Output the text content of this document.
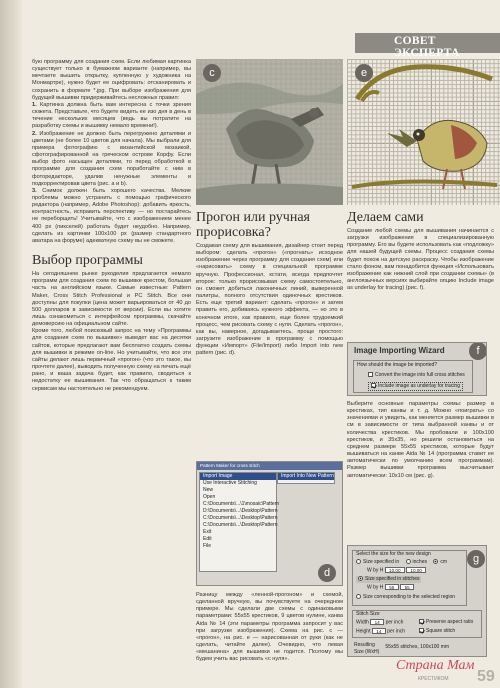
СОВЕТ ЭКСПЕРТА

бую программу для создания схем. Если любимая картинка существует только в бумажном варианте (например, вы мечтаете вышить открытку, купленную у художника на Монмартре), нужно будет ее оцифровать: отсканировать и сохранить в формате *.jpg. При выборе изображения для будущей вышивки придерживайтесь несложных правил:

1. Картинка должна быть вам интересна с точки зрения сюжета. Представьте, что будете видеть ее изо дня в день в течение нескольких месяцев (ведь вы потратите на разработку схемы и вышивку немало времени!).

2. Изображение не должно быть перегружено деталями и цветами (не более 10 цветов для начала). Мы выбрали для примера фотографию с византийской мозаикой, сфотографированной на греческом острове Корфу. Если выбор фото насыщен деталями, то перед обработкой в программе для создания схем поработайте с ним в фоторедакторе, удалив ненужные элементы и подкорректировав цвета (рис. а и b).

3. Снимок должен быть хорошего качества. Мелкие проблемы можно устранить с помощью графического редактора (например, Adobe Photoshop): добавить яркость, контрастность, исправить перспективу — но постарайтесь не переборщить! Учитывайте, что с изображением менее 400 px (пикселей) работать будет неудобно. Например, сделать из картинки 100x100 px (размер стандартного аватара на форуме) адекватную схему вы не сможете.

Выбор программы

На сегодняшнем рынке рукоделия предлагается немало программ для создания схем по вышивке крестом, большая часть на английском языке. Самые известные: Pattern Maker, Cross Stitch Professional и PC Stitch. Все они доступны для покупки (цена может варьироваться от 40 до 500 долларов в зависимости от версии). Если вы хотите лишь ознакомиться с интерфейсом программы, скачайте демоверсию на официальном сайте.

Кроме того, любой поисковый запрос на тему «Программы для создания схем по вышивке» выведет вас на десятки сайтов, которые предлагают вам бесплатно создать схемы для вышивки в режиме on-line. Но учитывайте, что все эти сайты делают лишь первичный «прогон» (что это такое, вы прочтете далее), выводить полученную схему на печать ещё рано, и ваша задача будет, как правило, сводиться к недостатку ее вышивания. Так что обращаться к таким сервисам мы настоятельно не рекомендуем.

c	e
Прогон или ручная прорисовка?

Создавая схему для вышивания, дизайнер стоит перед выбором: сделать «прогон» («прогнать» исходное изображение через программу для создания схем) или «нарисовать» схему в специальной программе вручную. Профессионал, кстати, всегда предпочтет второе: только прорисовывая схему самостоятельно, он сможет добиться лаконичных линий, выверенной палитры, полного отсутствия одиночных крестиков. Есть еще третий вариант: сделать «прогон» и затем править его, добиваясь нужного эффекта, — но это в конечном итоге, как правило, еще более трудоемкий процесс, чем рисовать схему с нуля. Сделать «прогон», как вы, наверное, догадываетесь, проще простого: загрузите изображение в программу с помощью функции «Импорт» (File/Import) либо Import into new pattern (рис. d).

Pattern Maker for cross stitch
Import Image
Use Interactive Stitching
New
Open
C:\Documents\...\1\mosaic\Pattern
D:\Documents\...\Desktop\Pattern
C:\Documents\...\Desktop\Pattern
C:\Documents\...\Desktop\Pattern
Exit
Edit
File
Import Into New Pattern
d

Разницу между «ленной-прогоном» и схемой, сделанной вручную, вы почувствуете на очередном примере. Мы сделали две схемы с одинаковыми параметрами: 55x55 крестиков, 9 цветов нулине, канва Aida № 14 (эти параметры программа запросит у вас при загрузке изображения). Схема на рис. с — «прогон», на рис. e — нарисованная от руки (как не сделать, читайте далее). Очевидно, что левая «мешанина» для вышивки не годится. Поэтому мы будем учить вас рисовать «с нуля».

Делаем сами

Создание любой схемы для вышивания начинается с загрузки изображения в специализированную программу. Его вы будете использовать как «подложку» для нашей будущей схемы. Процесс создания схемы будет похож на детскую раскраску. Чтобы изображение стало фоном, вам понадобится функция «Использовать изображение как нижний слой при создании схемы» (в англоязычных версиях выбирайте опцию Include image as underlay for tracing) (рис. f).

Image Importing Wizard
How should the image be imported?
Convert the image into full cross stitches
Include image as underlay for tracing
f

Выберите основные параметры схемы: размер в крестиках, тип канвы и т. д. Можно «поиграть» со значениями и увидеть, как меняется размер вышивки в см в зависимости от типа выбранной канвы и от количества крестиков. Мы пробовали и 100x100 крестиков, и 35x35, но решили остановиться на среднем размере 55x55 крестиков, которые будут вышиваться на канве Aida № 14 (программа ставит ее автоматически по умолчанию всем программам). Размер вышивки программа высчитывает автоматически: 10x10 см (рис. g).

Select the size for the new design
Size specified in	inches	cm
W by H 10.00 10.00
Size specified in stitches
W by H 55 55
Size corresponding to the selected region
Stitch Size
Width 14 per inch
Height 14 per inch
Preserve aspect ratio
Square stitch
Resulting Size (WxH) 55x55 stitches, 100x100 mm
g
Страна Мам
КРЕСТИКОМ 59
